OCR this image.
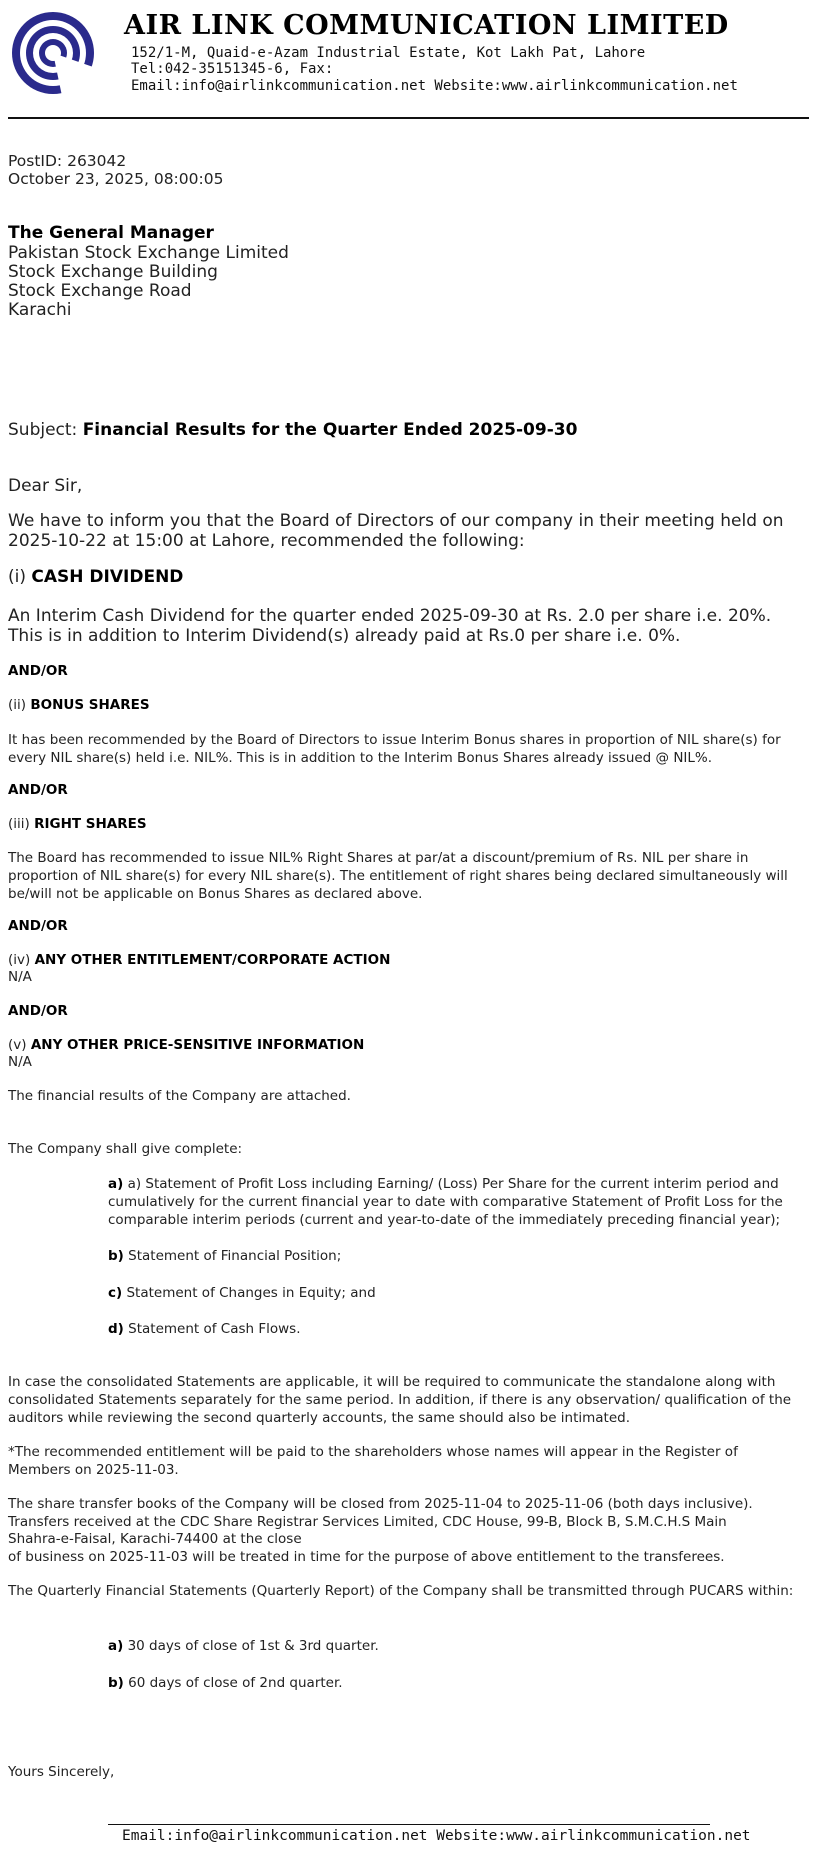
AIR LINK COMMUNICATION LIMITED
152/1-M, Quaid-e-Azam Industrial Estate, Kot Lakh Pat, Lahore
Tel:042-35151345-6, Fax:
Email:info@airlinkcommunication.net Website:www.airlinkcommunication.net
PostID: 263042
October 23, 2025, 08:00:05
The General Manager
Pakistan Stock Exchange Limited
Stock Exchange Building
Stock Exchange Road
Karachi
Subject: Financial Results for the Quarter Ended 2025-09-30
Dear Sir,
We have to inform you that the Board of Directors of our company in their meeting held on 2025-10-22 at 15:00 at Lahore, recommended the following:
(i) CASH DIVIDEND
An Interim Cash Dividend for the quarter ended 2025-09-30 at Rs. 2.0 per share i.e. 20%. This is in addition to Interim Dividend(s) already paid at Rs.0 per share i.e. 0%.
AND/OR
(ii) BONUS SHARES
It has been recommended by the Board of Directors to issue Interim Bonus shares in proportion of NIL share(s) for every NIL share(s) held i.e. NIL%. This is in addition to the Interim Bonus Shares already issued @ NIL%.
AND/OR
(iii) RIGHT SHARES
The Board has recommended to issue NIL% Right Shares at par/at a discount/premium of Rs. NIL per share in proportion of NIL share(s) for every NIL share(s). The entitlement of right shares being declared simultaneously will be/will not be applicable on Bonus Shares as declared above.
AND/OR
(iv) ANY OTHER ENTITLEMENT/CORPORATE ACTION
N/A
AND/OR
(v) ANY OTHER PRICE-SENSITIVE INFORMATION
N/A
The financial results of the Company are attached.
The Company shall give complete:
a) a) Statement of Profit Loss including Earning/ (Loss) Per Share for the current interim period and cumulatively for the current financial year to date with comparative Statement of Profit Loss for the comparable interim periods (current and year-to-date of the immediately preceding financial year);
b) Statement of Financial Position;
c) Statement of Changes in Equity; and
d) Statement of Cash Flows.
In case the consolidated Statements are applicable, it will be required to communicate the standalone along with consolidated Statements separately for the same period. In addition, if there is any observation/ qualification of the auditors while reviewing the second quarterly accounts, the same should also be intimated.
*The recommended entitlement will be paid to the shareholders whose names will appear in the Register of Members on 2025-11-03.
The share transfer books of the Company will be closed from 2025-11-04 to 2025-11-06 (both days inclusive).
Transfers received at the CDC Share Registrar Services Limited, CDC House, 99-B, Block B, S.M.C.H.S Main
Shahra-e-Faisal, Karachi-74400 at the close
of business on 2025-11-03 will be treated in time for the purpose of above entitlement to the transferees.
The Quarterly Financial Statements (Quarterly Report) of the Company shall be transmitted through PUCARS within:
a) 30 days of close of 1st & 3rd quarter.
b) 60 days of close of 2nd quarter.
Yours Sincerely,
Email:info@airlinkcommunication.net Website:www.airlinkcommunication.net
